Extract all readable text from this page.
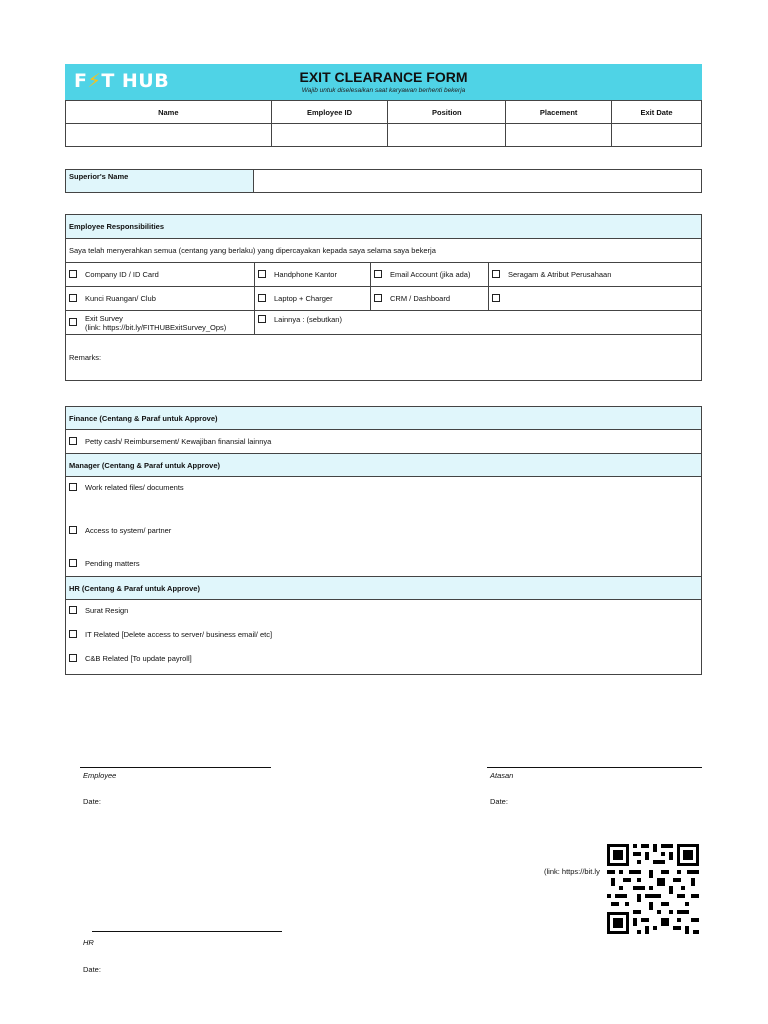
F⚡T HUB	EXIT CLEARANCE FORM
Wajib untuk diselesaikan saat karyawan berhenti bekerja
Name	Employee ID	Position	Placement	Exit Date

Superior's Name	
Employee Responsibilities			
Saya telah menyerahkan semua (centang yang berlaku) yang dipercayakan kepada saya selama saya bekerja			
Company ID / ID Card	Handphone Kantor	Email Account (jika ada)	Seragam & Atribut Perusahaan
Kunci Ruangan/ Club	Laptop + Charger	CRM / Dashboard	
Exit Survey
(link: https://bit.ly/FITHUBExitSurvey_Ops)	Lainnya : (sebutkan)		
Remarks:			
Finance (Centang & Paraf untuk Approve)
Petty cash/ Reimbursement/ Kewajiban finansial lainnya
Manager (Centang & Paraf untuk Approve)

Work related files/ documents
Access to system/ partner
Pending matters

HR (Centang & Paraf untuk Approve)

Surat Resign
IT Related [Delete access to server/ business email/ etc]
C&B Related [To update payroll]
Employee
Date:
Atasan
Date:
HR
Date:
(link: https://bit.ly
